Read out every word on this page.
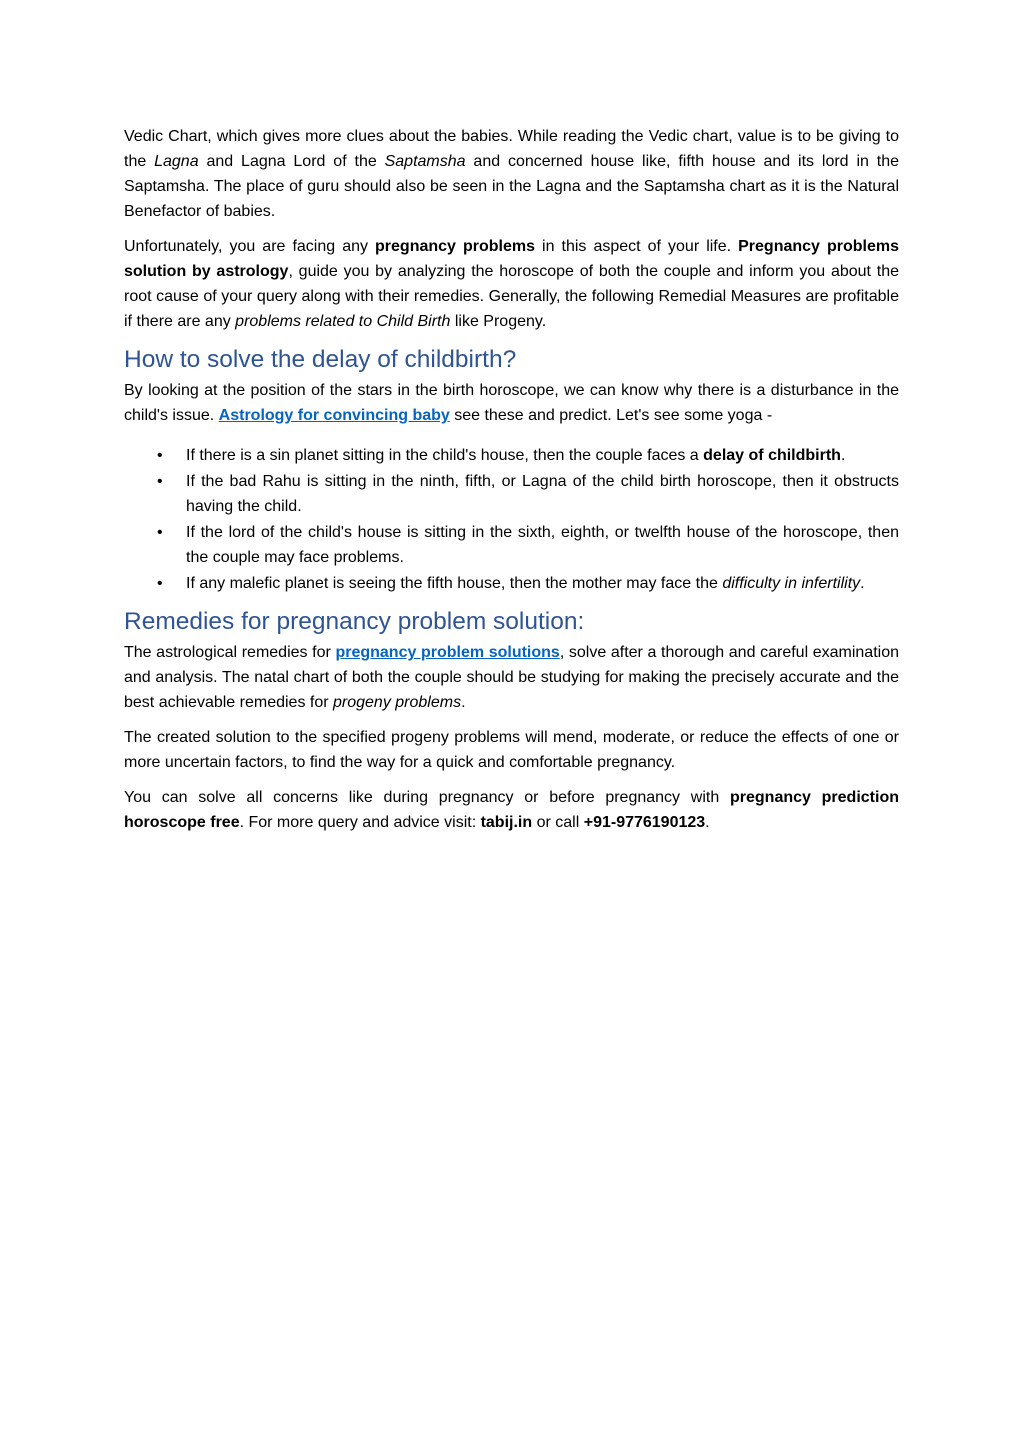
Vedic Chart, which gives more clues about the babies. While reading the Vedic chart, value is to be giving to the Lagna and Lagna Lord of the Saptamsha and concerned house like, fifth house and its lord in the Saptamsha. The place of guru should also be seen in the Lagna and the Saptamsha chart as it is the Natural Benefactor of babies.

Unfortunately, you are facing any pregnancy problems in this aspect of your life. Pregnancy problems solution by astrology, guide you by analyzing the horoscope of both the couple and inform you about the root cause of your query along with their remedies. Generally, the following Remedial Measures are profitable if there are any problems related to Child Birth like Progeny.

How to solve the delay of childbirth?

By looking at the position of the stars in the birth horoscope, we can know why there is a disturbance in the child's issue. Astrology for convincing baby see these and predict. Let's see some yoga -

• If there is a sin planet sitting in the child's house, then the couple faces a delay of childbirth.
• If the bad Rahu is sitting in the ninth, fifth, or Lagna of the child birth horoscope, then it obstructs having the child.
• If the lord of the child's house is sitting in the sixth, eighth, or twelfth house of the horoscope, then the couple may face problems.
• If any malefic planet is seeing the fifth house, then the mother may face the difficulty in infertility.
Remedies for pregnancy problem solution:

The astrological remedies for pregnancy problem solutions, solve after a thorough and careful examination and analysis. The natal chart of both the couple should be studying for making the precisely accurate and the best achievable remedies for progeny problems.

The created solution to the specified progeny problems will mend, moderate, or reduce the effects of one or more uncertain factors, to find the way for a quick and comfortable pregnancy.

You can solve all concerns like during pregnancy or before pregnancy with pregnancy prediction horoscope free. For more query and advice visit: tabij.in or call +91-9776190123.
